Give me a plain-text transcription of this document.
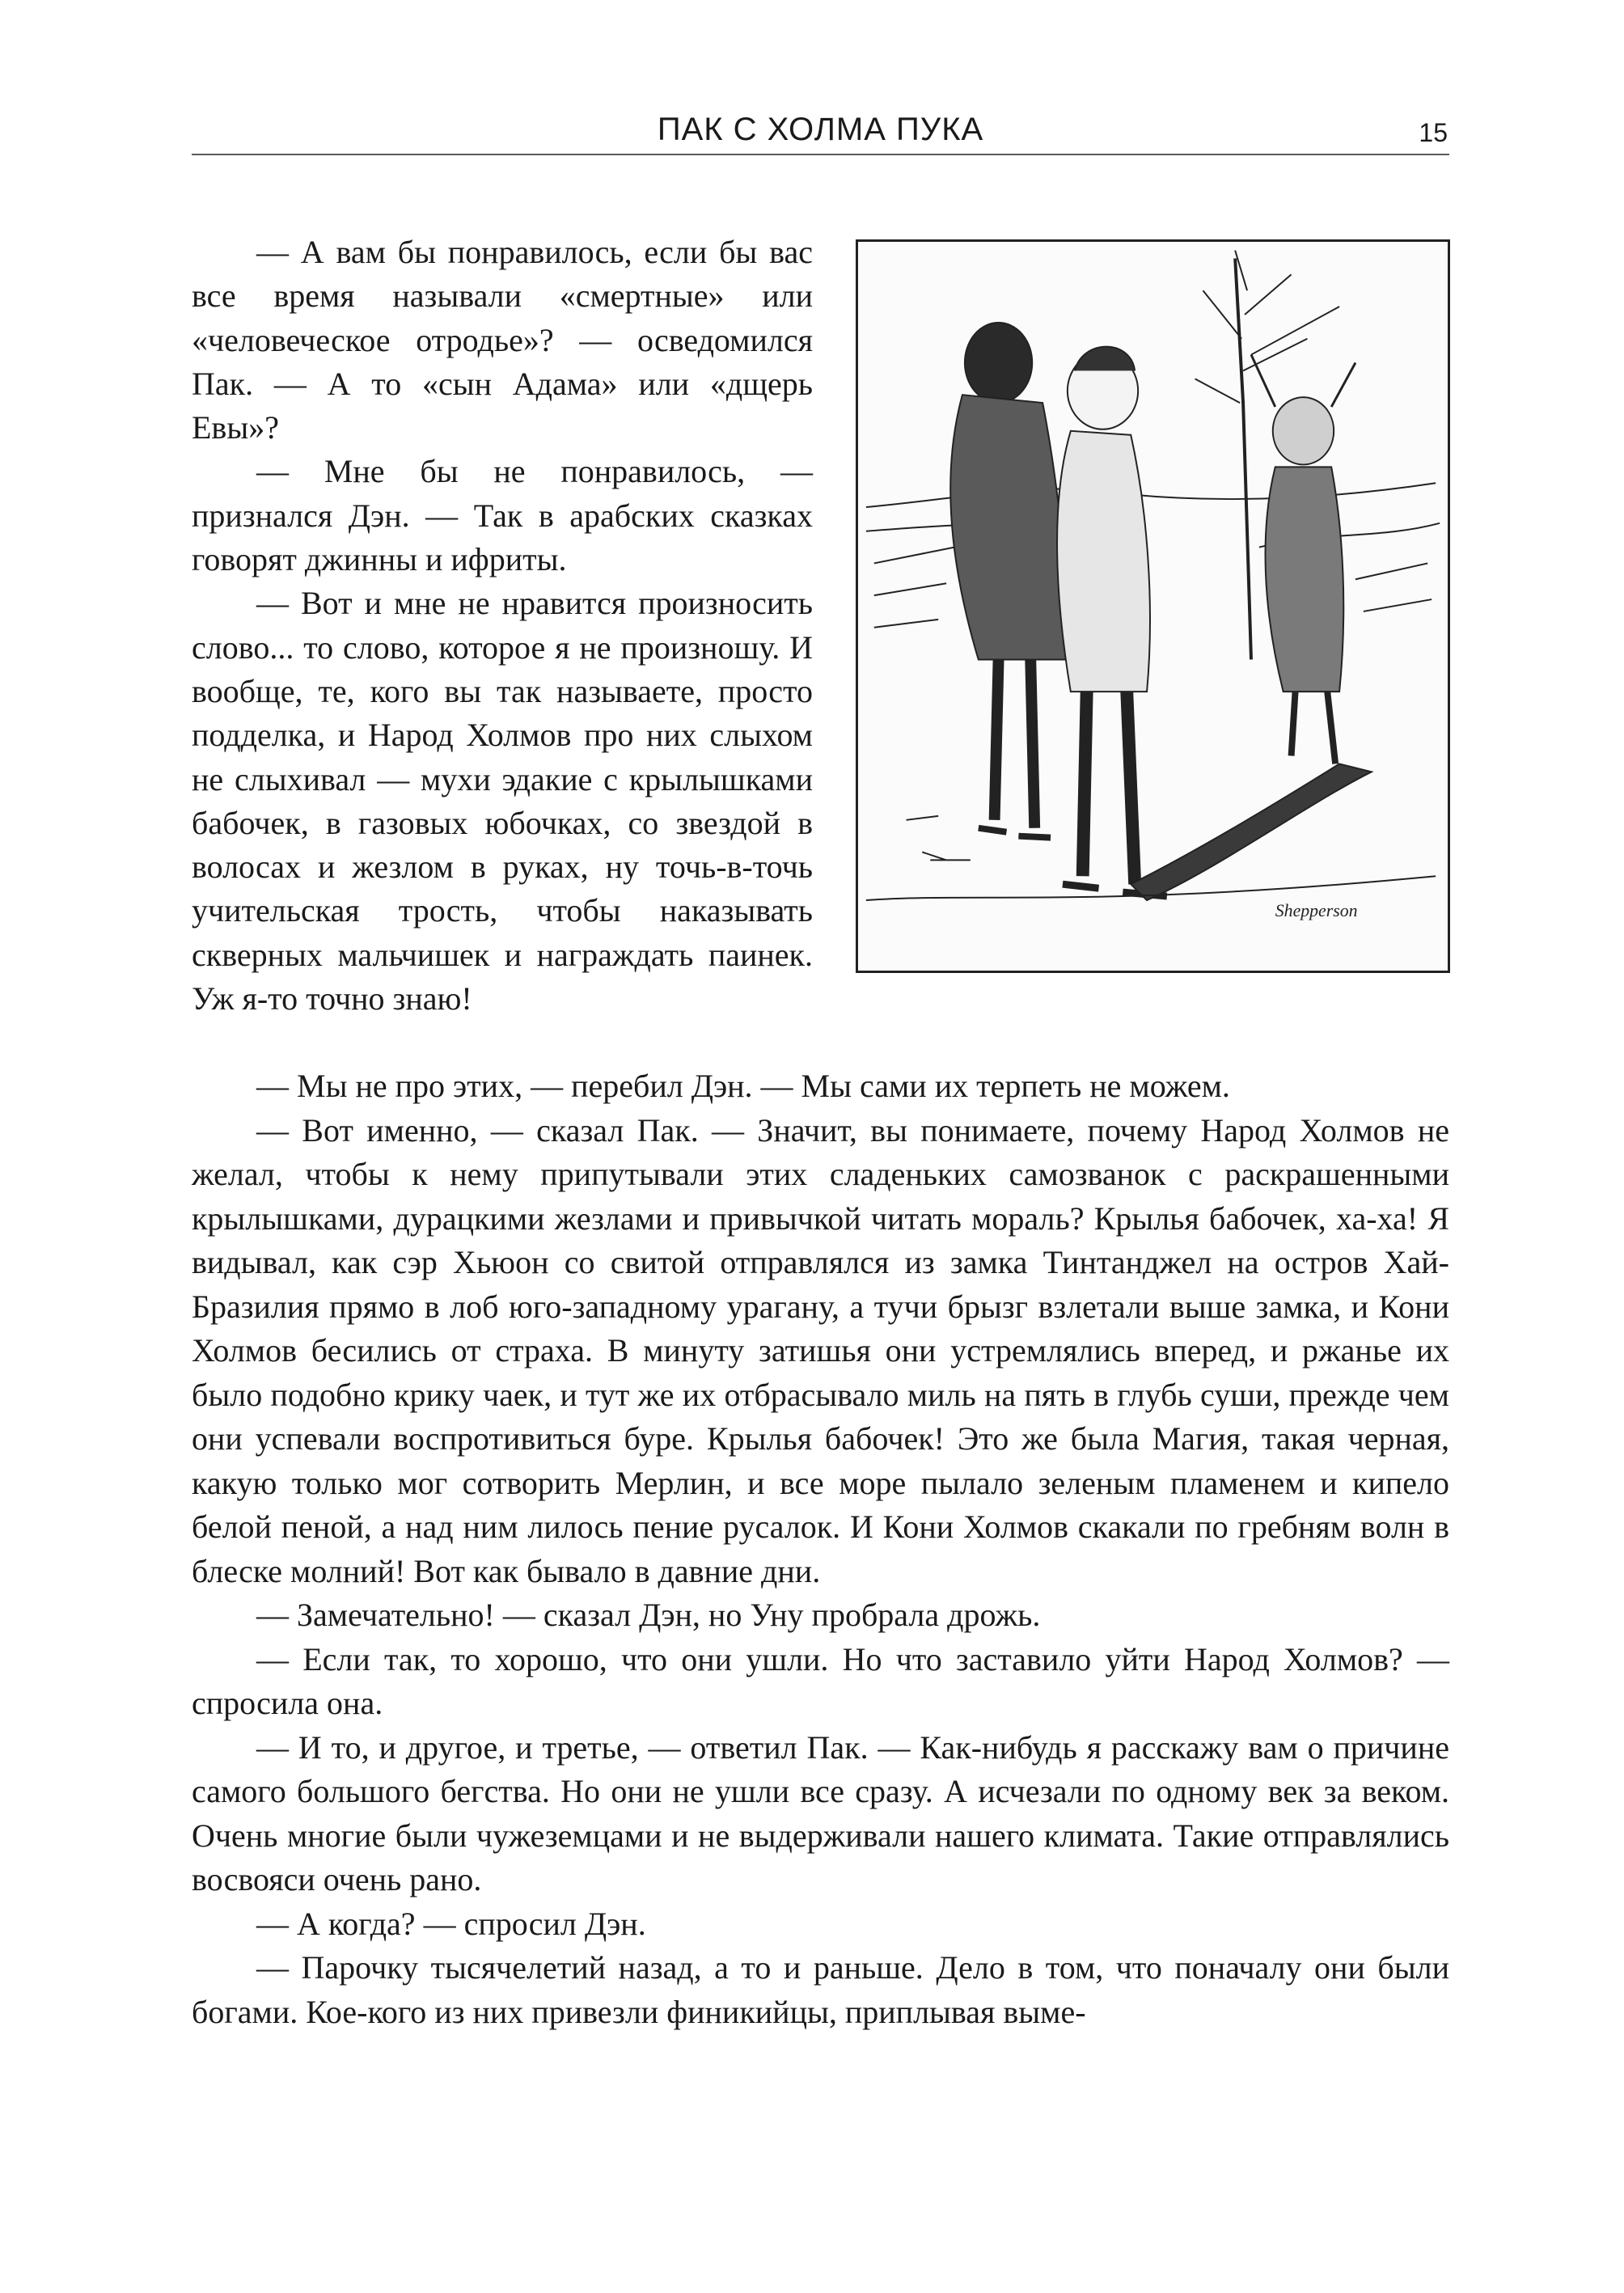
ПАК С ХОЛМА ПУКА	15

— А вам бы понравилось, если бы вас все время называли «смертные» или «человеческое отродье»? — осведомился Пак. — А то «сын Адама» или «дщерь Евы»?

— Мне бы не понравилось, — признался Дэн. — Так в арабских сказках говорят джинны и ифриты.

— Вот и мне не нравится произносить слово... то слово, которое я не произношу. И вообще, те, кого вы так называете, просто подделка, и Народ Холмов про них слыхом не слыхивал — мухи эдакие с крылышками бабочек, в газовых юбочках, со звездой в волосах и жезлом в руках, ну точь-в-точь учительская трость, чтобы наказывать скверных мальчишек и награждать паинек. Уж я-то точно знаю!

Shepperson

— Мы не про этих, — перебил Дэн. — Мы сами их терпеть не можем.

— Вот именно, — сказал Пак. — Значит, вы понимаете, почему Народ Холмов не желал, чтобы к нему припутывали этих сладеньких самозванок с раскрашенными крылышками, дурацкими жезлами и привычкой читать мораль? Крылья бабочек, ха-ха! Я видывал, как сэр Хьюон со свитой отправлялся из замка Тинтанджел на остров Хай-Бразилия прямо в лоб юго-западному урагану, а тучи брызг взлетали выше замка, и Кони Холмов бесились от страха. В минуту затишья они устремлялись вперед, и ржанье их было подобно крику чаек, и тут же их отбрасывало миль на пять в глубь суши, прежде чем они успевали воспротивиться буре. Крылья бабочек! Это же была Магия, такая черная, какую только мог сотворить Мерлин, и все море пылало зеленым пламенем и кипело белой пеной, а над ним лилось пение русалок. И Кони Холмов скакали по гребням волн в блеске молний! Вот как бывало в давние дни.

— Замечательно! — сказал Дэн, но Уну пробрала дрожь.

— Если так, то хорошо, что они ушли. Но что заставило уйти Народ Холмов? — спросила она.

— И то, и другое, и третье, — ответил Пак. — Как-нибудь я расскажу вам о причине самого большого бегства. Но они не ушли все сразу. А исчезали по одному век за веком. Очень многие были чужеземцами и не выдерживали нашего климата. Такие отправлялись восвояси очень рано.

— А когда? — спросил Дэн.

— Парочку тысячелетий назад, а то и раньше. Дело в том, что поначалу они были богами. Кое-кого из них привезли финикийцы, приплывая выме-
